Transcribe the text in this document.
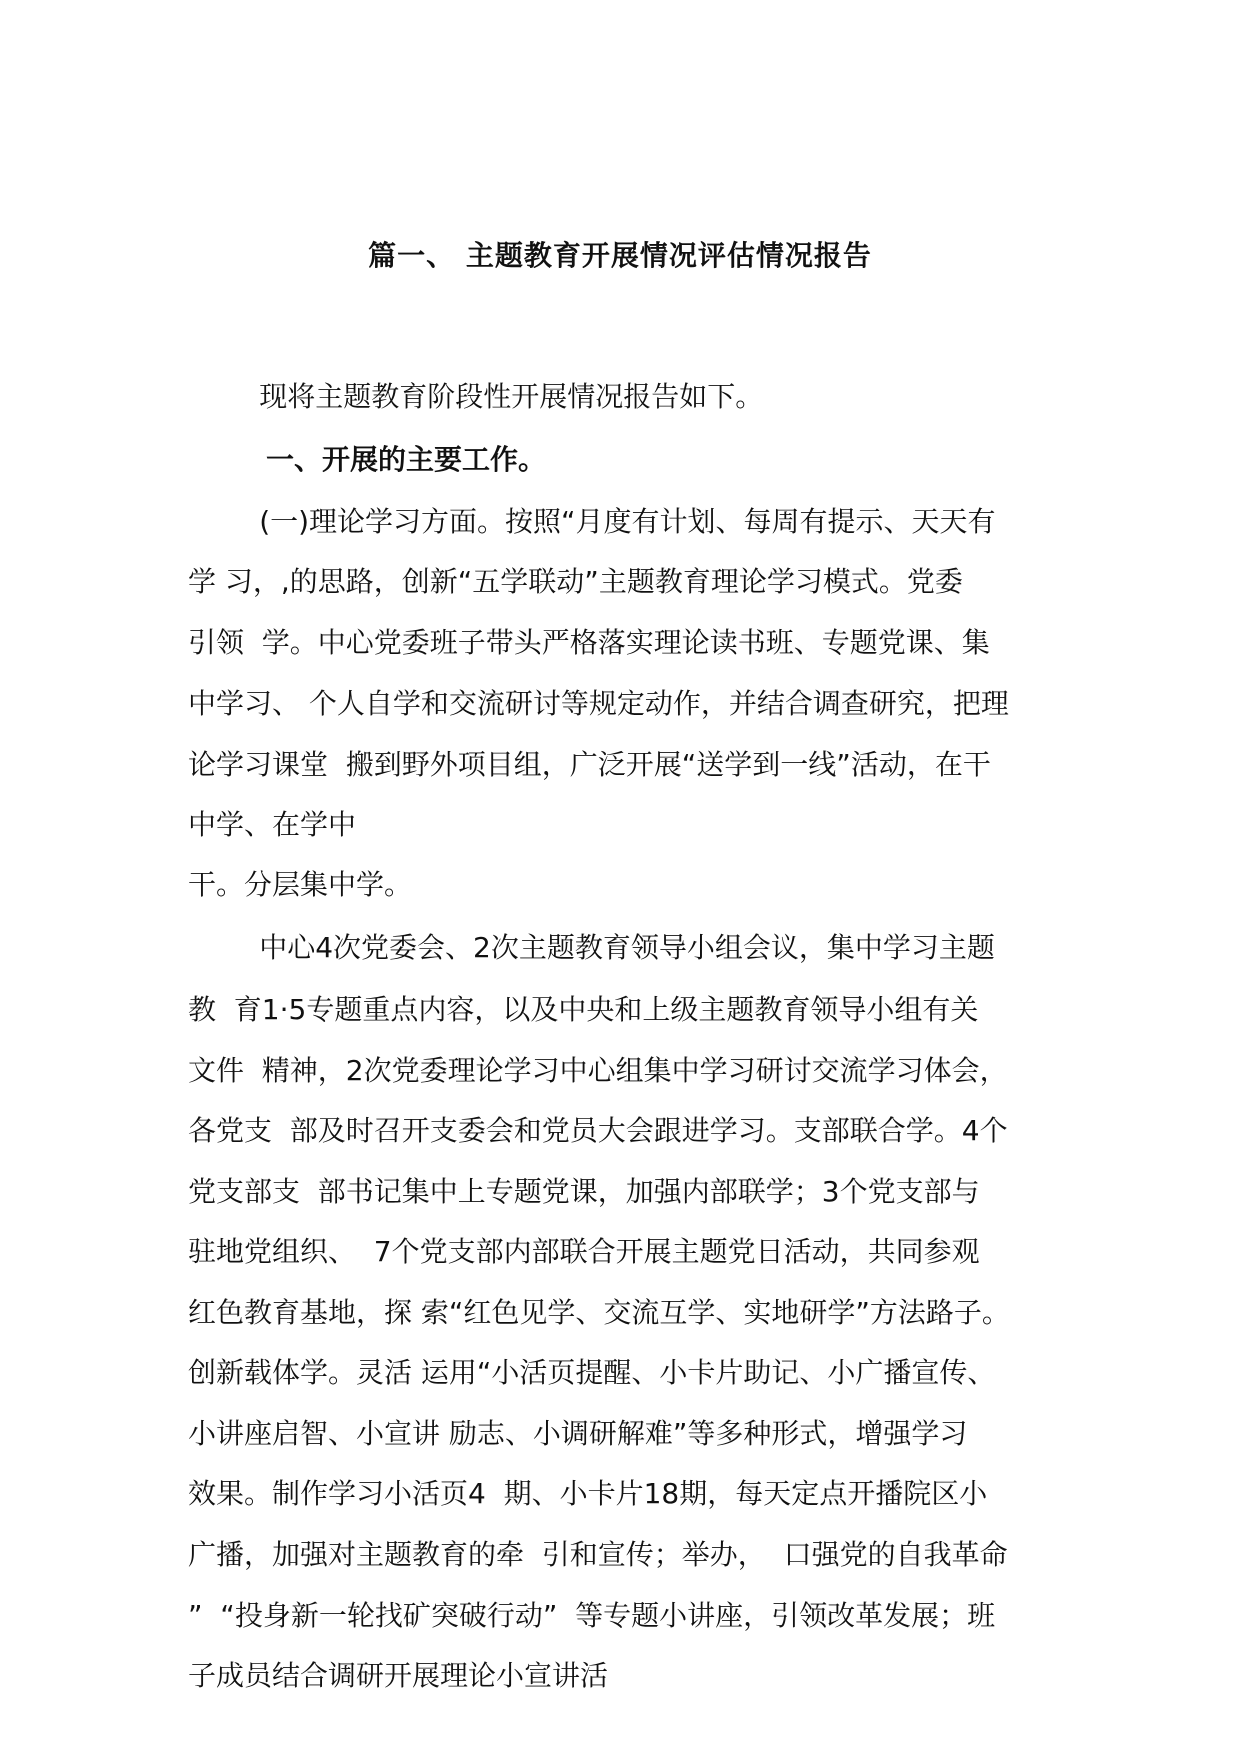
篇一、 主题教育开展情况评估情况报告
现将主题教育阶段性开展情况报告如下。
一、开展的主要工作。
(一)理论学习方面。按照“月度有计划、每周有提示、天天有
学 习，,的思路，创新“五学联动”主题教育理论学习模式。党委
引领  学。中心党委班子带头严格落实理论读书班、专题党课、集
中学习、 个人自学和交流研讨等规定动作，并结合调查研究，把理
论学习课堂  搬到野外项目组，广泛开展“送学到一线”活动，在干
中学、在学中
干。分层集中学。
中心4次党委会、2次主题教育领导小组会议，集中学习主题
教  育1·5专题重点内容，以及中央和上级主题教育领导小组有关
文件  精神，2次党委理论学习中心组集中学习研讨交流学习体会，
各党支  部及时召开支委会和党员大会跟进学习。支部联合学。4个
党支部支  部书记集中上专题党课，加强内部联学；3个党支部与
驻地党组织、  7个党支部内部联合开展主题党日活动，共同参观
红色教育基地，探 索“红色见学、交流互学、实地研学”方法路子。
创新载体学。灵活 运用“小活页提醒、小卡片助记、小广播宣传、
小讲座启智、小宣讲 励志、小调研解难”等多种形式，增强学习
效果。制作学习小活页4  期、小卡片18期，每天定点开播院区小
广播，加强对主题教育的牵  引和宣传；举办，  口强党的自我革命
”  “投身新一轮找矿突破行动”  等专题小讲座，引领改革发展；班
子成员结合调研开展理论小宣讲活
